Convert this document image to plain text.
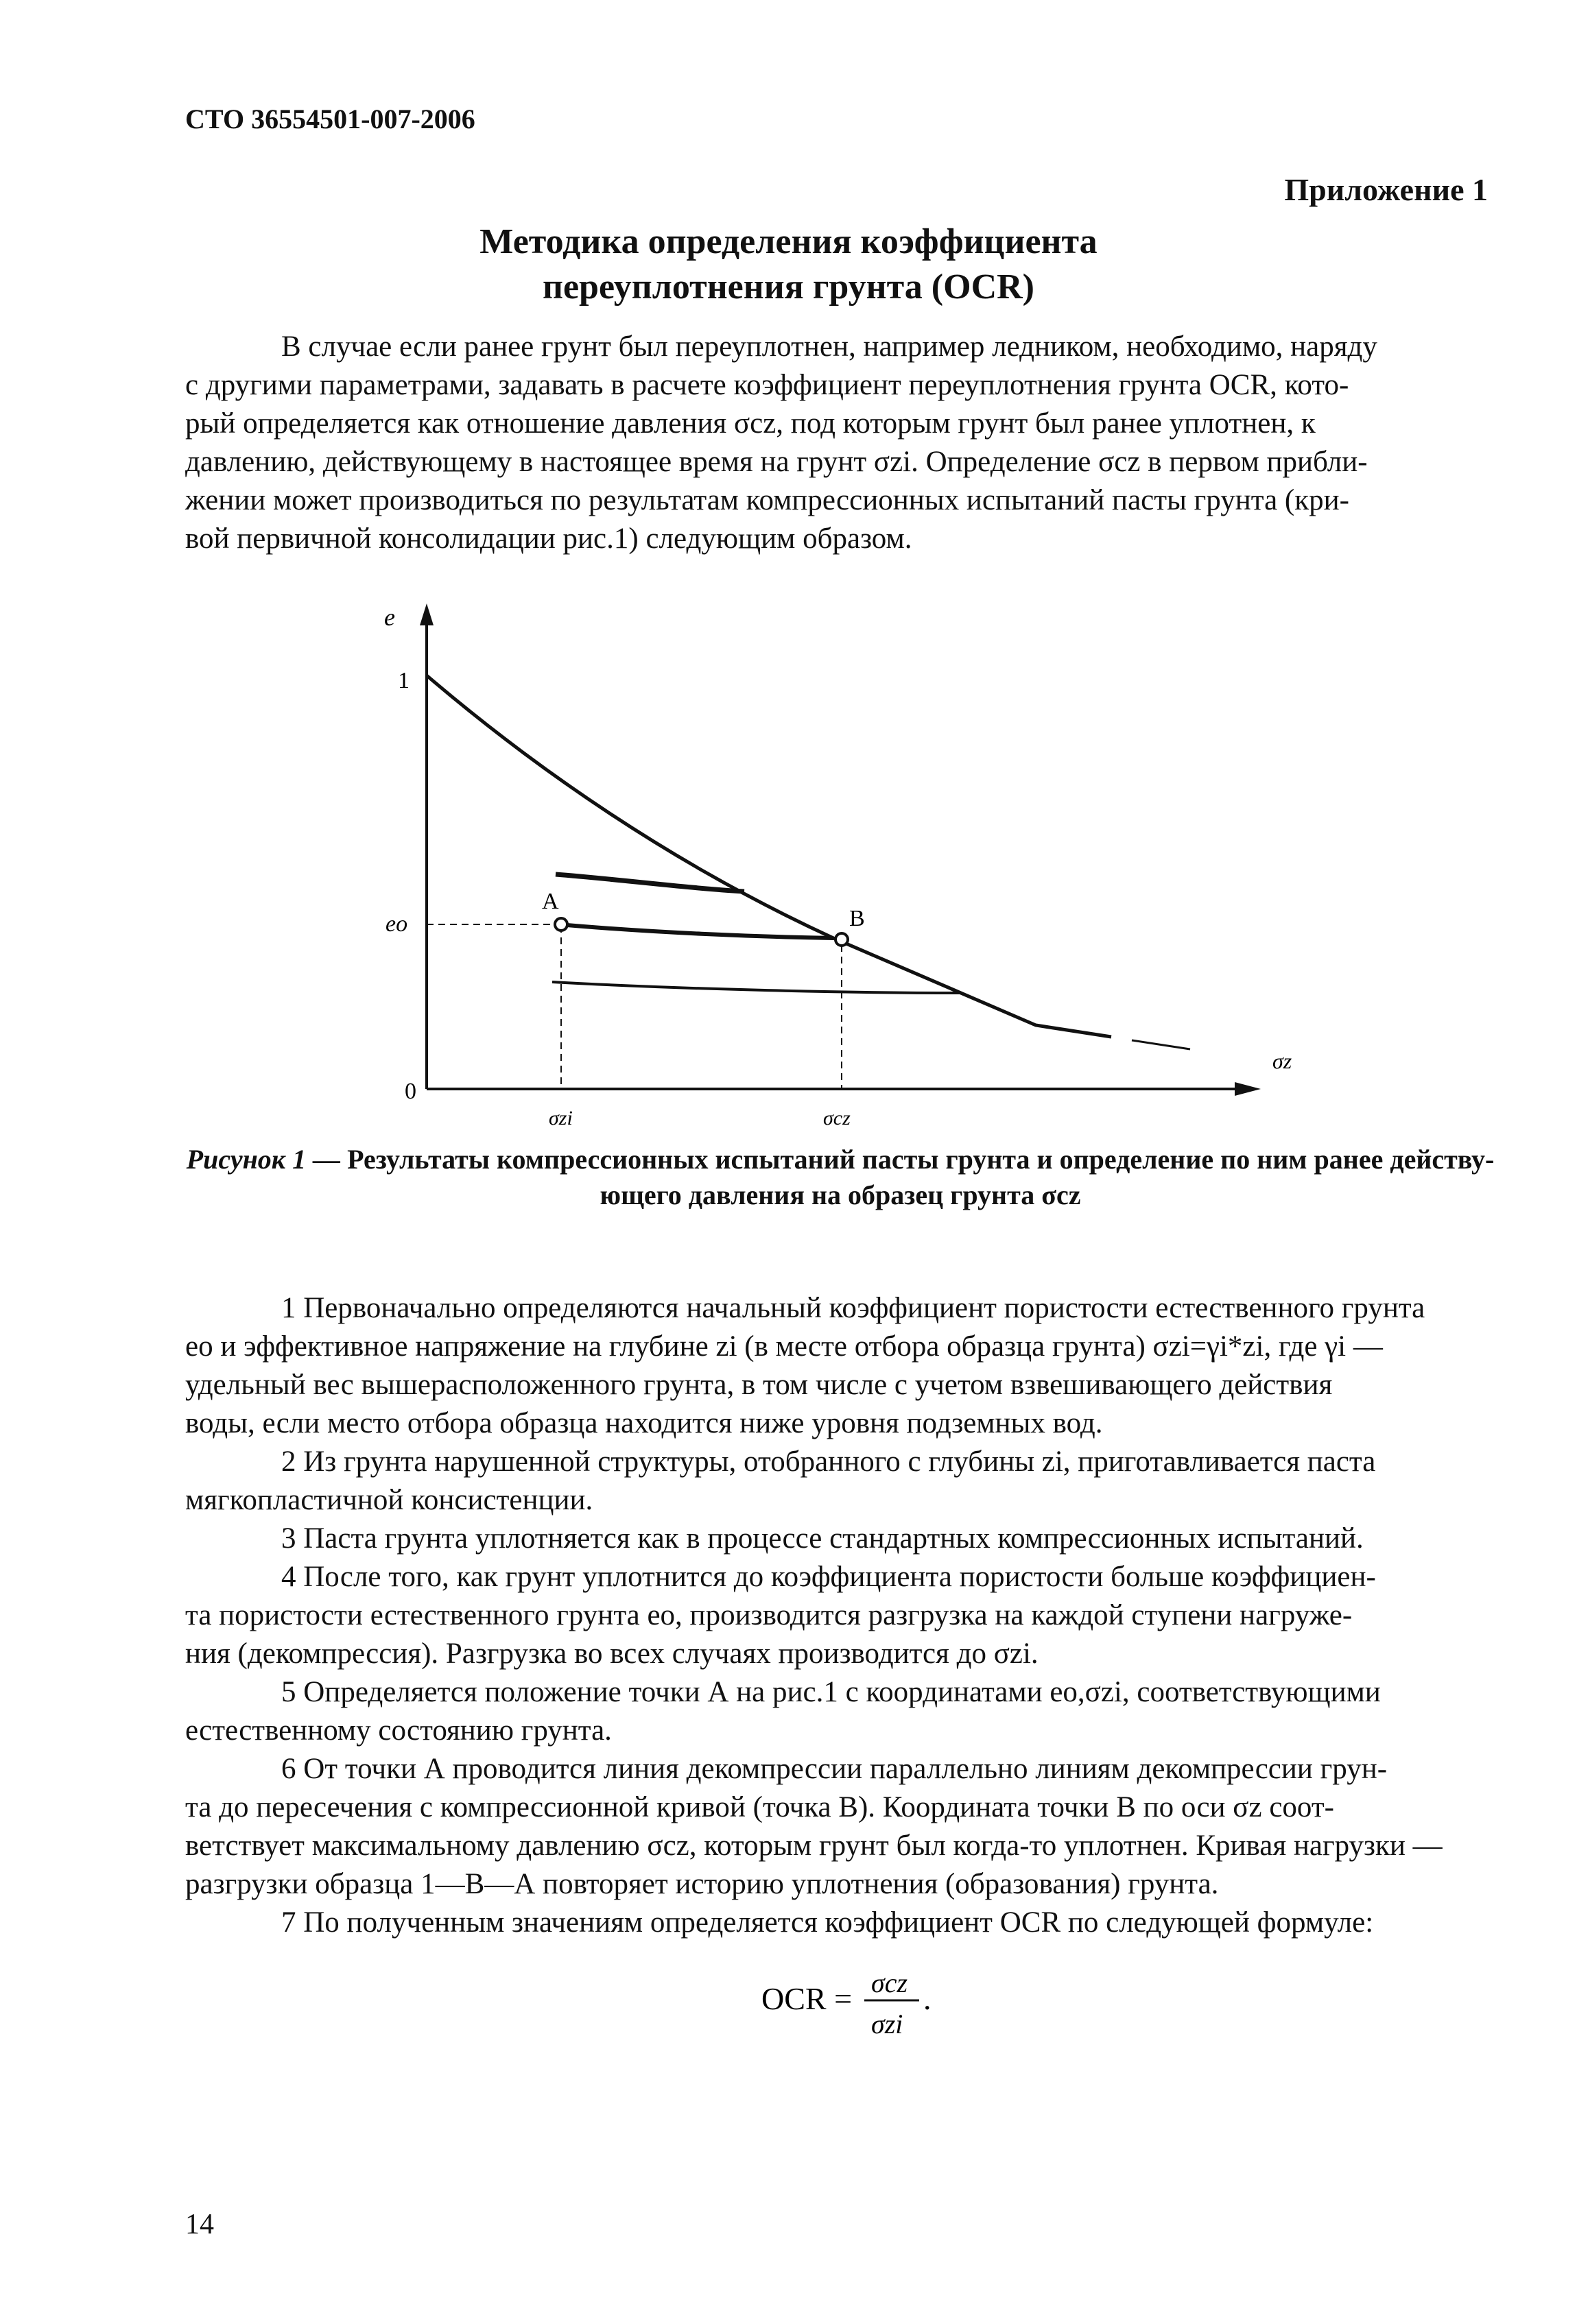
СТО 36554501-007-2006
Приложение 1
Методика определения коэффициента
переуплотнения грунта (OCR)
В случае если ранее грунт был переуплотнен, например ледником, необходимо, наряду
с другими параметрами, задавать в расчете коэффициент переуплотнения грунта OCR, кото-
рый определяется как отношение давления σcz, под которым грунт был ранее уплотнен, к
давлению, действующему в настоящее время на грунт σzi. Определение σcz в первом прибли-
жении может производиться по результатам компрессионных испытаний пасты грунта (кри-
вой первичной консолидации рис.1) следующим образом.
e
1
eo
0
A
B
σz
σzi	σcz
Рисунок 1 — Результаты компрессионных испытаний пасты грунта и определение по ним ранее действу-
ющего давления на образец грунта σcz
1 Первоначально определяются начальный коэффициент пористости естественного грунта
eo и эффективное напряжение на глубине zi (в месте отбора образца грунта) σzi=γi*zi, где γi —
удельный вес вышерасположенного грунта, в том числе с учетом взвешивающего действия
воды, если место отбора образца находится ниже уровня подземных вод.
2 Из грунта нарушенной структуры, отобранного с глубины zi, приготавливается паста
мягкопластичной консистенции.
3 Паста грунта уплотняется как в процессе стандартных компрессионных испытаний.
4 После того, как грунт уплотнится до коэффициента пористости больше коэффициен-
та пористости естественного грунта eo, производится разгрузка на каждой ступени нагруже-
ния (декомпрессия). Разгрузка во всех случаях производится до σzi.
5 Определяется положение точки А на рис.1 с координатами eo,σzi, соответствующими
естественному состоянию грунта.
6 От точки А проводится линия декомпрессии параллельно линиям декомпрессии грун-
та до пересечения с компрессионной кривой (точка В). Координата точки В по оси σz соот-
ветствует максимальному давлению σcz, которым грунт был когда-то уплотнен. Кривая нагрузки —
разгрузки образца 1—В—А повторяет историю уплотнения (образования) грунта.
7 По полученным значениям определяется коэффициент OCR по следующей формуле:
OCR = σcz
σzi
.
14
